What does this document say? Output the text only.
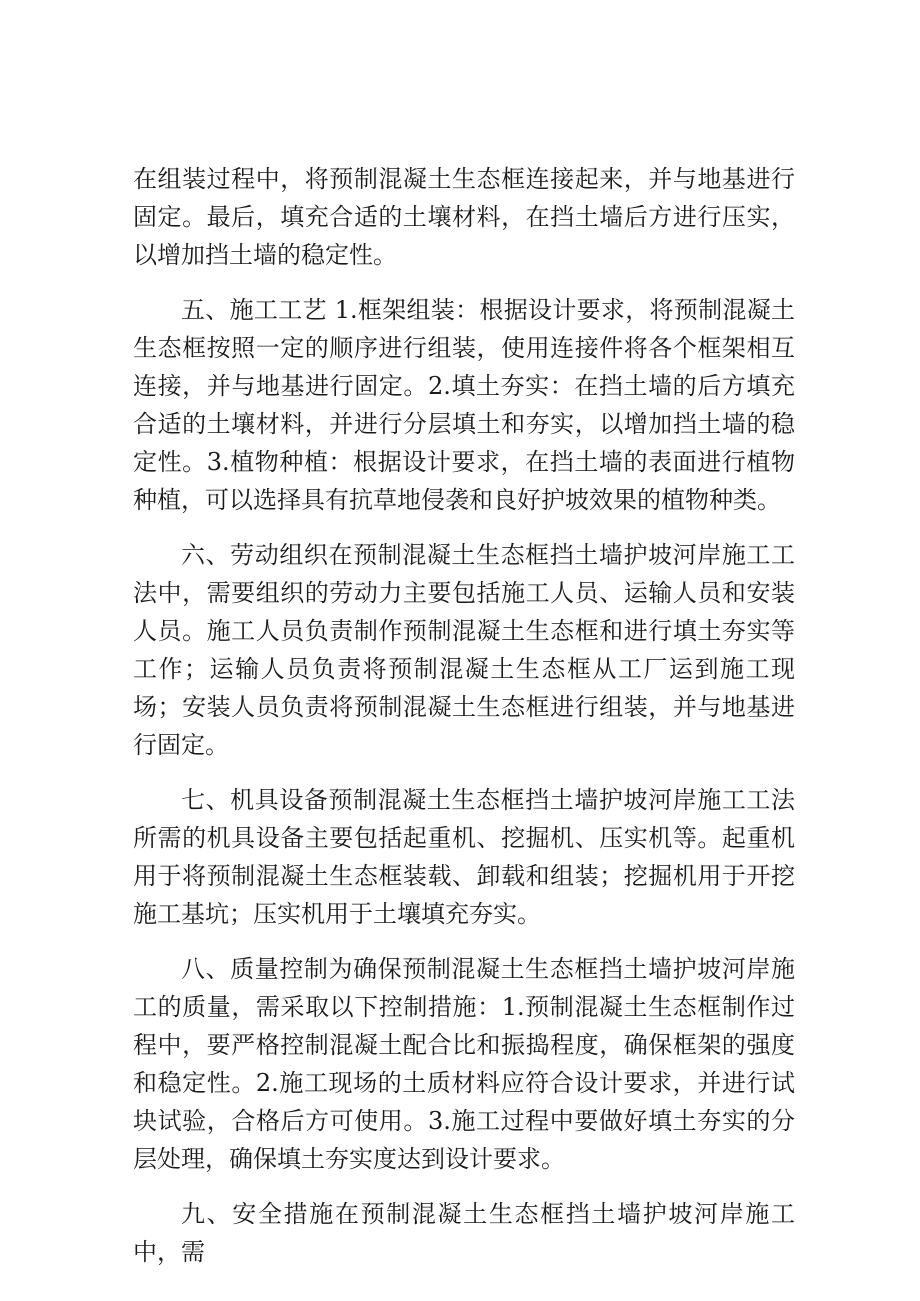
在组装过程中，将预制混凝土生态框连接起来，并与地基进行固定。最后，填充合适的土壤材料，在挡土墙后方进行压实，以增加挡土墙的稳定性。

五、施工工艺 1.框架组装：根据设计要求，将预制混凝土生态框按照一定的顺序进行组装，使用连接件将各个框架相互连接，并与地基进行固定。2.填土夯实：在挡土墙的后方填充合适的土壤材料，并进行分层填土和夯实，以增加挡土墙的稳定性。3.植物种植：根据设计要求，在挡土墙的表面进行植物种植，可以选择具有抗草地侵袭和良好护坡效果的植物种类。

六、劳动组织在预制混凝土生态框挡土墙护坡河岸施工工法中，需要组织的劳动力主要包括施工人员、运输人员和安装人员。施工人员负责制作预制混凝土生态框和进行填土夯实等工作；运输人员负责将预制混凝土生态框从工厂运到施工现场；安装人员负责将预制混凝土生态框进行组装，并与地基进行固定。

七、机具设备预制混凝土生态框挡土墙护坡河岸施工工法所需的机具设备主要包括起重机、挖掘机、压实机等。起重机用于将预制混凝土生态框装载、卸载和组装；挖掘机用于开挖施工基坑；压实机用于土壤填充夯实。

八、质量控制为确保预制混凝土生态框挡土墙护坡河岸施工的质量，需采取以下控制措施：1.预制混凝土生态框制作过程中，要严格控制混凝土配合比和振捣程度，确保框架的强度和稳定性。2.施工现场的土质材料应符合设计要求，并进行试块试验，合格后方可使用。3.施工过程中要做好填土夯实的分层处理，确保填土夯实度达到设计要求。

九、安全措施在预制混凝土生态框挡土墙护坡河岸施工中，需
